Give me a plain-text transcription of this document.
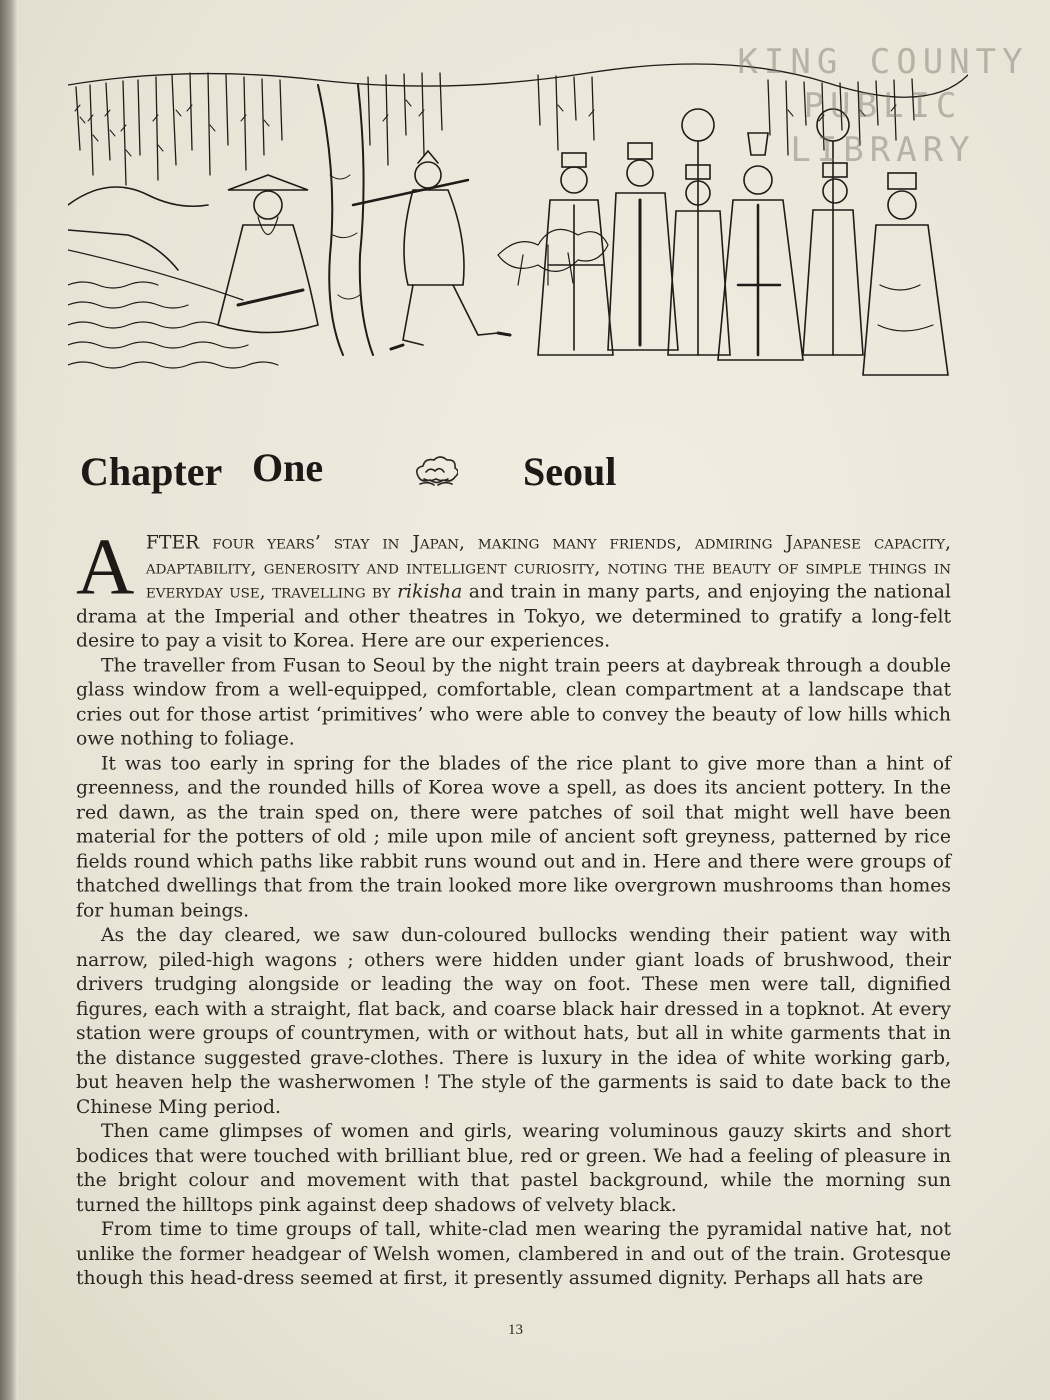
KING COUNTY
PUBLIC LIBRARY
Chapter One	Seoul

AFTER four years’ stay in Japan, making many friends, admiring Japanese capacity, adaptability, generosity and intelligent curiosity, noting the beauty of simple things in everyday use, travelling by rikisha and train in many parts, and enjoying the national drama at the Imperial and other theatres in Tokyo, we determined to gratify a long-felt desire to pay a visit to Korea. Here are our experiences.

The traveller from Fusan to Seoul by the night train peers at daybreak through a double glass window from a well-equipped, comfortable, clean compartment at a landscape that cries out for those artist ‘primitives’ who were able to convey the beauty of low hills which owe nothing to foliage.

It was too early in spring for the blades of the rice plant to give more than a hint of greenness, and the rounded hills of Korea wove a spell, as does its ancient pottery. In the red dawn, as the train sped on, there were patches of soil that might well have been material for the potters of old ; mile upon mile of ancient soft greyness, patterned by rice fields round which paths like rabbit runs wound out and in. Here and there were groups of thatched dwellings that from the train looked more like overgrown mushrooms than homes for human beings.

As the day cleared, we saw dun-coloured bullocks wending their patient way with narrow, piled-high wagons ; others were hidden under giant loads of brushwood, their drivers trudging alongside or leading the way on foot. These men were tall, dignified figures, each with a straight, flat back, and coarse black hair dressed in a topknot. At every station were groups of countrymen, with or without hats, but all in white garments that in the distance suggested grave-clothes. There is luxury in the idea of white working garb, but heaven help the washerwomen ! The style of the garments is said to date back to the Chinese Ming period.

Then came glimpses of women and girls, wearing voluminous gauzy skirts and short bodices that were touched with brilliant blue, red or green. We had a feeling of pleasure in the bright colour and movement with that pastel background, while the morning sun turned the hilltops pink against deep shadows of velvety black.

From time to time groups of tall, white-clad men wearing the pyramidal native hat, not unlike the former headgear of Welsh women, clambered in and out of the train. Grotesque though this head-dress seemed at first, it presently assumed dignity. Perhaps all hats are

13
